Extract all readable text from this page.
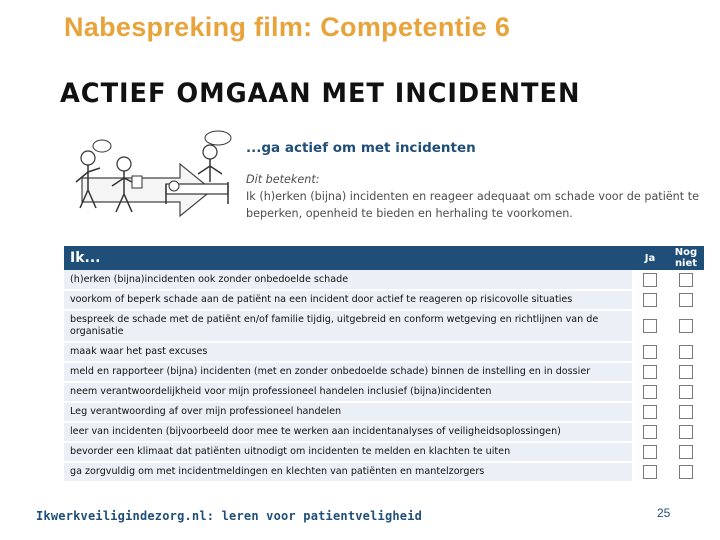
Nabespreking film: Competentie 6
ACTIEF OMGAAN MET INCIDENTEN
...ga actief om met incidenten
Dit betekent:
Ik (h)erken (bijna) incidenten en reageer adequaat om schade voor de patiënt te beperken, openheid te bieden en herhaling te voorkomen.
Ik...	Ja	Nog niet
(h)erken (bijna)incidenten ook zonder onbedoelde schade		
voorkom of beperk schade aan de patiënt na een incident door actief te reageren op risicovolle situaties		
bespreek de schade met de patiënt en/of familie tijdig, uitgebreid en conform wetgeving en richtlijnen van de organisatie		
maak waar het past excuses		
meld en rapporteer (bijna) incidenten (met en zonder onbedoelde schade) binnen de instelling en in dossier		
neem verantwoordelijkheid voor mijn professioneel handelen inclusief (bijna)incidenten		
Leg verantwoording af over mijn professioneel handelen		
leer van incidenten (bijvoorbeeld door mee te werken aan incidentanalyses of veiligheidsoplossingen)		
bevorder een klimaat dat patiënten uitnodigt om incidenten te melden en klachten te uiten		
ga zorgvuldig om met incidentmeldingen en klechten van patiënten en mantelzorgers		
Ikwerkveiligindezorg.nl: leren voor patientveligheid	25
